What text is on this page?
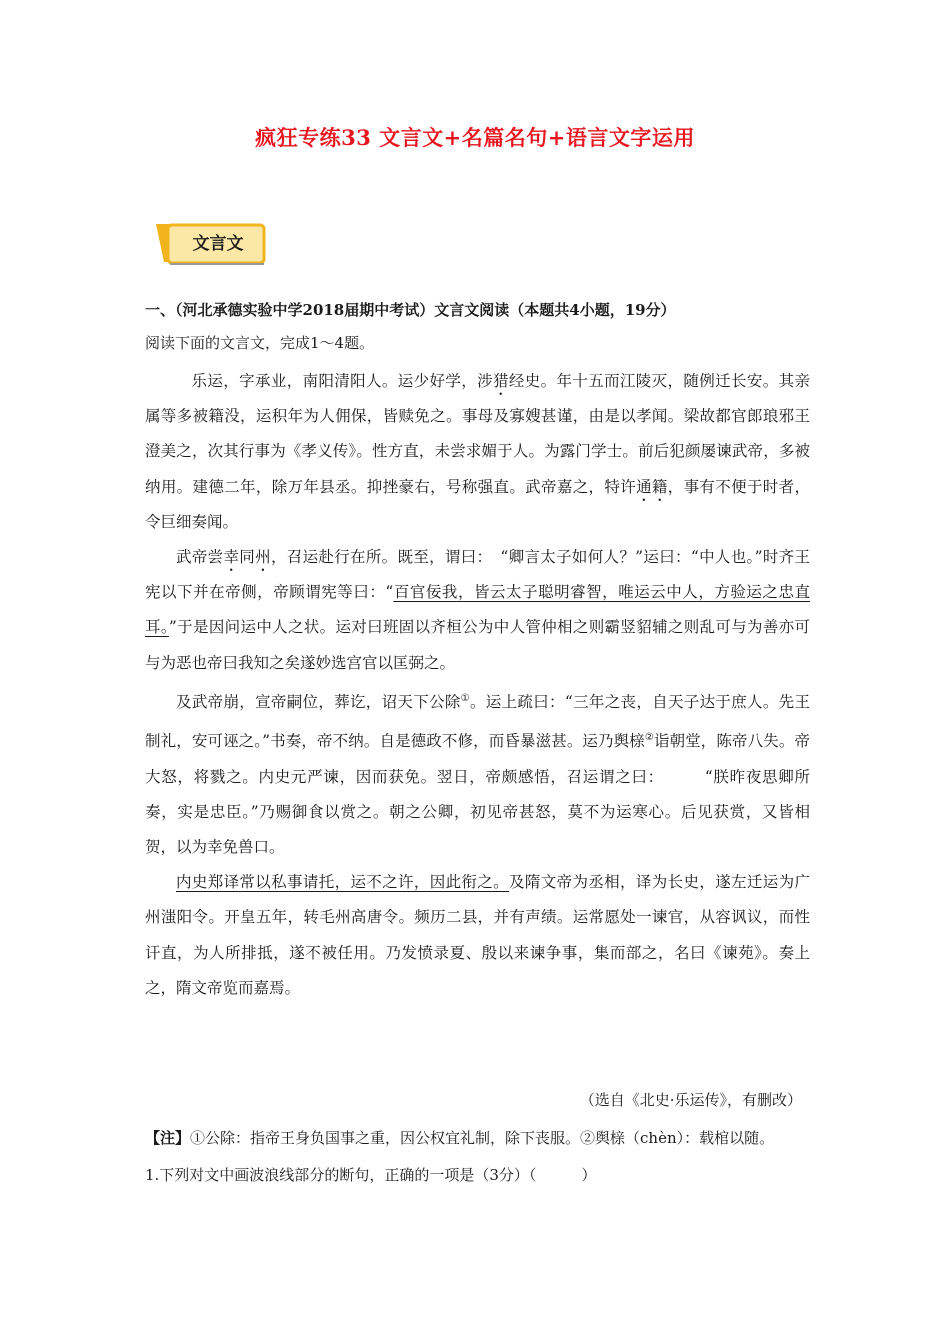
疯狂专练33 文言文+名篇名句+语言文字运用
文言文
一、（河北承德实验中学2018届期中考试）文言文阅读（本题共4小题，19分）
阅读下面的文言文，完成1～4题。

乐运，字承业，南阳清阳人。运少好学，涉猎经史。年十五而江陵灭，随例迁长安。其亲属等多被籍没，运积年为人佣保，皆赎免之。事母及寡嫂甚谨，由是以孝闻。梁故都官郎琅邪王澄美之，次其行事为《孝义传》。性方直，未尝求媚于人。为露门学士。前后犯颜屡谏武帝，多被纳用。建德二年，除万年县丞。抑挫豪右，号称强直。武帝嘉之，特许通籍，事有不便于时者，令巨细奏闻。

武帝尝幸同州，召运赴行在所。既至，谓曰：　“卿言太子如何人？”运曰：“中人也。”时齐王宪以下并在帝侧，帝顾谓宪等曰：“百官佞我，皆云太子聪明睿智，唯运云中人，方验运之忠直耳。”于是因问运中人之状。运对曰班固以齐桓公为中人管仲相之则霸竖貂辅之则乱可与为善亦可与为恶也帝曰我知之矣遂妙选宫官以匡弼之。

及武帝崩，宣帝嗣位，葬讫，诏天下公除①。运上疏曰：“三年之丧，自天子达于庶人。先王制礼，安可诬之。”书奏，帝不纳。自是德政不修，而昏暴滋甚。运乃舆榇②诣朝堂，陈帝八失。帝大怒，将戮之。内史元严谏，因而获免。翌日，帝颇感悟，召运谓之曰：　　　“朕昨夜思卿所奏，实是忠臣。”乃赐御食以赏之。朝之公卿，初见帝甚怒，莫不为运寒心。后见获赏，又皆相贺，以为幸免兽口。

内史郑译常以私事请托，运不之许，因此衔之。及隋文帝为丞相，译为长史，遂左迁运为广州滍阳令。开皇五年，转毛州高唐令。频历二县，并有声绩。运常愿处一谏官，从容讽议，而性讦直，为人所排抵，遂不被任用。乃发愤录夏、殷以来谏争事，集而部之，名曰《谏苑》。奏上之，隋文帝览而嘉焉。

（选自《北史·乐运传》，有删改）
【注】①公除：指帝王身负国事之重，因公权宜礼制，除下丧服。②舆榇（chèn）：载棺以随。
1.下列对文中画波浪线部分的断句，正确的一项是（3分）（　　　）
